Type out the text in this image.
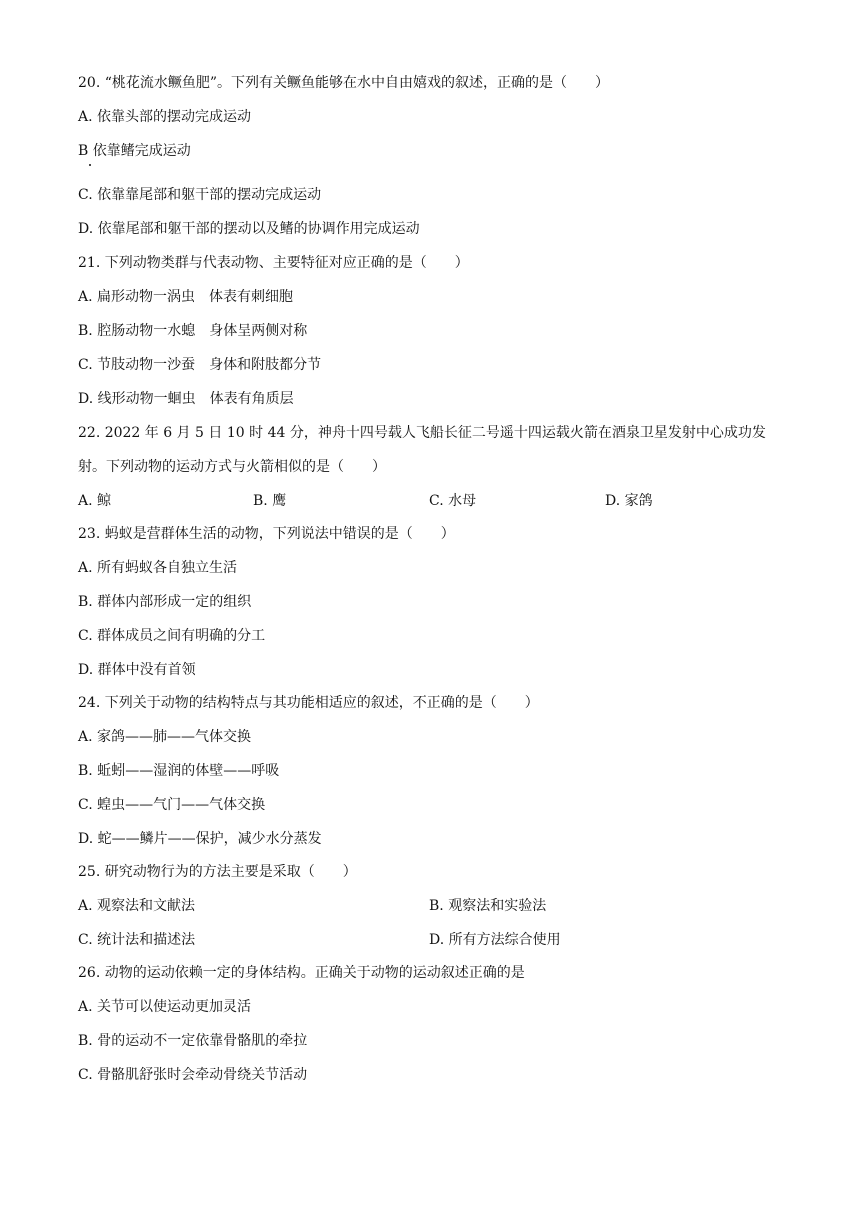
20. “桃花流水鳜鱼肥”。下列有关鳜鱼能够在水中自由嬉戏的叙述，正确的是（　　）
A. 依靠头部的摆动完成运动
B 依靠鳍完成运动
C. 依靠靠尾部和躯干部的摆动完成运动
D. 依靠尾部和躯干部的摆动以及鳍的协调作用完成运动
21. 下列动物类群与代表动物、主要特征对应正确的是（　　）
A. 扁形动物一涡虫　体表有刺细胞
B. 腔肠动物一水螅　身体呈两侧对称
C. 节肢动物一沙蚕　身体和附肢都分节
D. 线形动物一蛔虫　体表有角质层
22. 2022 年 6 月 5 日 10 时 44 分，神舟十四号载人飞船长征二号遥十四运载火箭在酒泉卫星发射中心成功发
射。下列动物的运动方式与火箭相似的是（　　）
A. 鲸	B. 鹰	C. 水母	D. 家鸽
23. 蚂蚁是营群体生活的动物，下列说法中错误的是（　　）
A. 所有蚂蚁各自独立生活
B. 群体内部形成一定的组织
C. 群体成员之间有明确的分工
D. 群体中没有首领
24. 下列关于动物的结构特点与其功能相适应的叙述，不正确的是（　　）
A. 家鸽——肺——气体交换
B. 蚯蚓——湿润的体壁——呼吸
C. 蝗虫——气门——气体交换
D. 蛇——鳞片——保护，减少水分蒸发
25. 研究动物行为的方法主要是采取（　　）
A. 观察法和文献法	B. 观察法和实验法
C. 统计法和描述法	D. 所有方法综合使用
26. 动物的运动依赖一定的身体结构。正确关于动物的运动叙述正确的是
A. 关节可以使运动更加灵活
B. 骨的运动不一定依靠骨骼肌的牵拉
C. 骨骼肌舒张时会牵动骨绕关节活动
